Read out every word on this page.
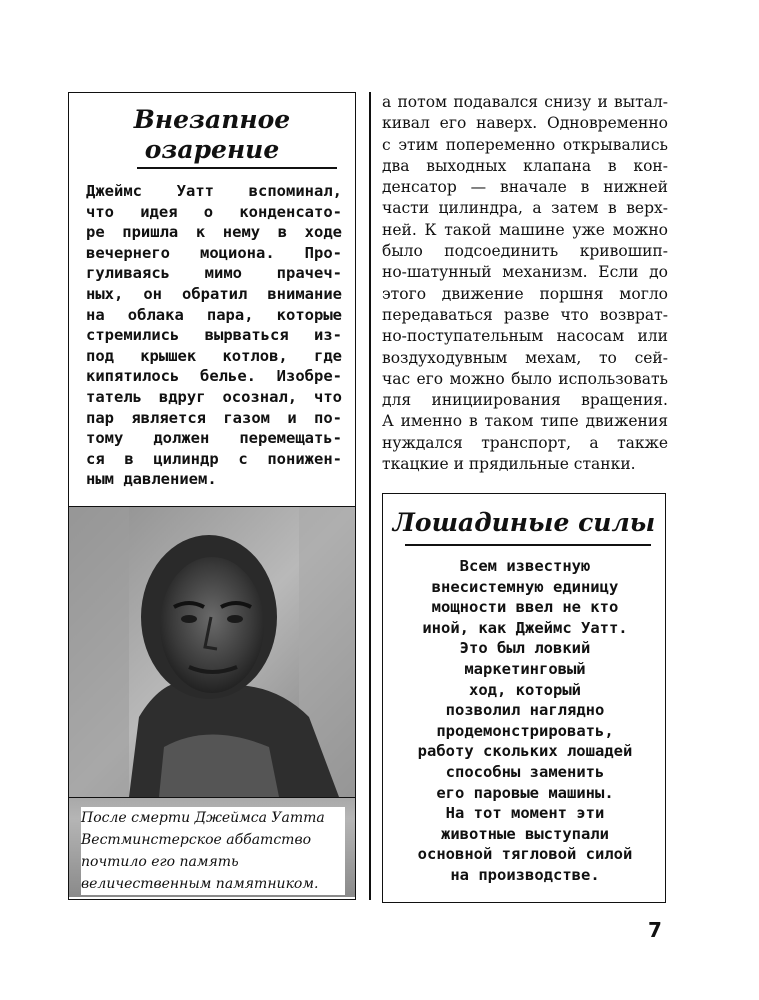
Внезапное
озарение
Джеймс Уатт вспоминал,
что идея о конденсато-
ре пришла к нему в ходе
вечернего моциона. Про-
гуливаясь мимо прачеч-
ных, он обратил внимание
на облака пара, которые
стремились вырваться из-
под крышек котлов, где
кипятилось белье. Изобре-
татель вдруг осознал, что
пар является газом и по-
тому должен перемещать-
ся в цилиндр с понижен-
ным давлением.
После смерти Джеймса Уатта
Вестминстерское аббатство
почтило его память
величественным памятником.
а потом подавался снизу и вытал-
кивал его наверх. Одновременно
с этим попеременно открывались
два выходных клапана в кон-
денсатор — вначале в нижней
части цилиндра, а затем в верх-
ней. К такой машине уже можно
было подсоединить кривошип-
но-шатунный механизм. Если до
этого движение поршня могло
передаваться разве что возврат-
но-поступательным насосам или
воздуходувным мехам, то сей-
час его можно было использовать
для инициирования вращения.
А именно в таком типе движения
нуждался транспорт, а также
ткацкие и прядильные станки.
Лошадиные силы
Всем известную
внесистемную единицу
мощности ввел не кто
иной, как Джеймс Уатт.
Это был ловкий
маркетинговый
ход, который
позволил наглядно
продемонстрировать,
работу скольких лошадей
способны заменить
его паровые машины.
На тот момент эти
животные выступали
основной тягловой силой
на производстве.
7
